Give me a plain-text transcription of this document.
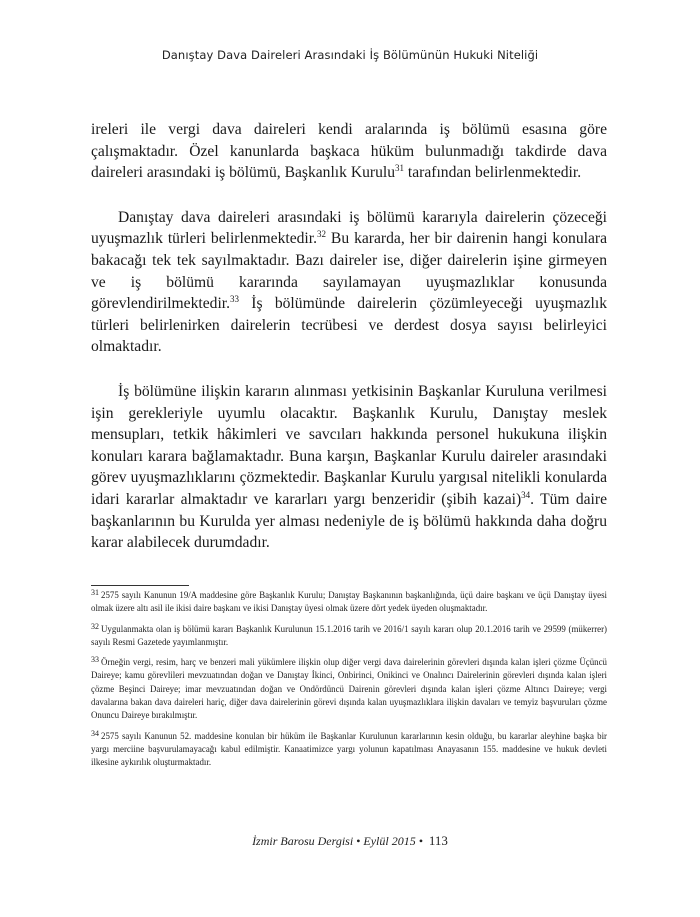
Danıştay Dava Daireleri Arasındaki İş Bölümünün Hukuki Niteliği

ireleri ile vergi dava daireleri kendi aralarında iş bölümü esasına göre çalışmaktadır. Özel kanunlarda başkaca hüküm bulunmadığı takdirde dava daireleri arasındaki iş bölümü, Başkanlık Kurulu$^{31}$ tarafından belirlenmektedir.

Danıştay dava daireleri arasındaki iş bölümü kararıyla dairelerin çözeceği uyuşmazlık türleri belirlenmektedir.$^{32}$ Bu kararda, her bir dairenin hangi konulara bakacağı tek tek sayılmaktadır. Bazı daireler ise, diğer dairelerin işine girmeyen ve iş bölümü kararında sayılamayan uyuşmazlıklar konusunda görevlendirilmektedir.$^{33}$ İş bölümünde dairelerin çözümleyeceği uyuşmazlık türleri belirlenirken dairelerin tecrübesi ve derdest dosya sayısı belirleyici olmaktadır.

İş bölümüne ilişkin kararın alınması yetkisinin Başkanlar Kuruluna verilmesi işin gerekleriyle uyumlu olacaktır. Başkanlık Kurulu, Danıştay meslek mensupları, tetkik hâkimleri ve savcıları hakkında personel hukukuna ilişkin konuları karara bağlamaktadır. Buna karşın, Başkanlar Kurulu daireler arasındaki görev uyuşmazlıklarını çözmektedir. Başkanlar Kurulu yargısal nitelikli konularda idari kararlar almaktadır ve kararları yargı benzeridir (şibih kazai)$^{34}$. Tüm daire başkanlarının bu Kurulda yer alması nedeniyle de iş bölümü hakkında daha doğru karar alabilecek durumdadır.

31 2575 sayılı Kanunun 19/A maddesine göre Başkanlık Kurulu; Danıştay Başkanının başkanlığında, üçü daire başkanı ve üçü Danıştay üyesi olmak üzere altı asil ile ikisi daire başkanı ve ikisi Danıştay üyesi olmak üzere dört yedek üyeden oluşmaktadır.
32 Uygulanmakta olan iş bölümü kararı Başkanlık Kurulunun 15.1.2016 tarih ve 2016/1 sayılı kararı olup 20.1.2016 tarih ve 29599 (mükerrer) sayılı Resmi Gazetede yayımlanmıştır.
33 Örneğin vergi, resim, harç ve benzeri mali yükümlere ilişkin olup diğer vergi dava dairelerinin görevleri dışında kalan işleri çözme Üçüncü Daireye; kamu görevlileri mevzuatından doğan ve Danıştay İkinci, Onbirinci, Onikinci ve Onalıncı Dairelerinin görevleri dışında kalan işleri çözme Beşinci Daireye; imar mevzuatından doğan ve Ondördüncü Dairenin görevleri dışında kalan işleri çözme Altıncı Daireye; vergi davalarına bakan dava daireleri hariç, diğer dava dairelerinin görevi dışında kalan uyuşmazlıklara ilişkin davaları ve temyiz başvuruları çözme Onuncu Daireye bırakılmıştır.
34 2575 sayılı Kanunun 52. maddesine konulan bir hüküm ile Başkanlar Kurulunun kararlarının kesin olduğu, bu kararlar aleyhine başka bir yargı merciine başvurulamayacağı kabul edilmiştir. Kanaatimizce yargı yolunun kapatılması Anayasanın 155. maddesine ve hukuk devleti ilkesine aykırılık oluşturmaktadır.
İzmir Barosu Dergisi • Eylül 2015 • 113
